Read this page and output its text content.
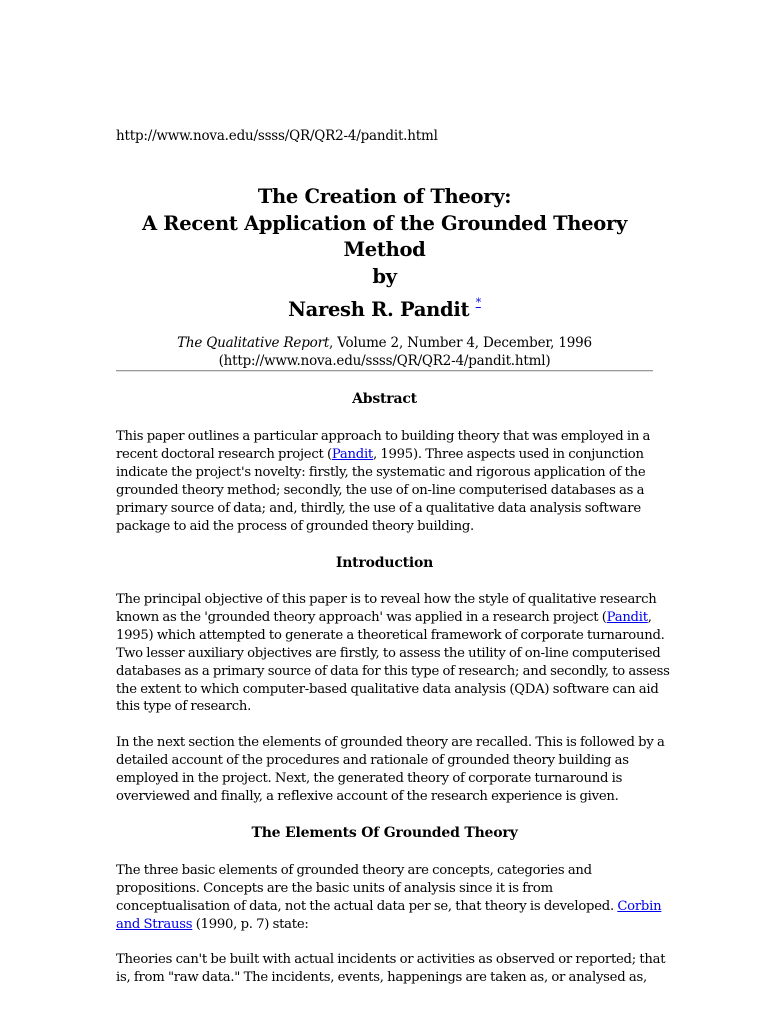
http://www.nova.edu/ssss/QR/QR2-4/pandit.html
The Creation of Theory:
A Recent Application of the Grounded Theory
Method
by
Naresh R. Pandit *
The Qualitative Report, Volume 2, Number 4, December, 1996
(http://www.nova.edu/ssss/QR/QR2-4/pandit.html)
Abstract
This paper outlines a particular approach to building theory that was employed in a
recent doctoral research project (Pandit, 1995). Three aspects used in conjunction
indicate the project's novelty: firstly, the systematic and rigorous application of the
grounded theory method; secondly, the use of on-line computerised databases as a
primary source of data; and, thirdly, the use of a qualitative data analysis software
package to aid the process of grounded theory building.
Introduction
The principal objective of this paper is to reveal how the style of qualitative research
known as the 'grounded theory approach' was applied in a research project (Pandit,
1995) which attempted to generate a theoretical framework of corporate turnaround.
Two lesser auxiliary objectives are firstly, to assess the utility of on-line computerised
databases as a primary source of data for this type of research; and secondly, to assess
the extent to which computer-based qualitative data analysis (QDA) software can aid
this type of research.
In the next section the elements of grounded theory are recalled. This is followed by a
detailed account of the procedures and rationale of grounded theory building as
employed in the project. Next, the generated theory of corporate turnaround is
overviewed and finally, a reflexive account of the research experience is given.
The Elements Of Grounded Theory
The three basic elements of grounded theory are concepts, categories and
propositions. Concepts are the basic units of analysis since it is from
conceptualisation of data, not the actual data per se, that theory is developed. Corbin
and Strauss (1990, p. 7) state:
Theories can't be built with actual incidents or activities as observed or reported; that
is, from "raw data." The incidents, events, happenings are taken as, or analysed as,
